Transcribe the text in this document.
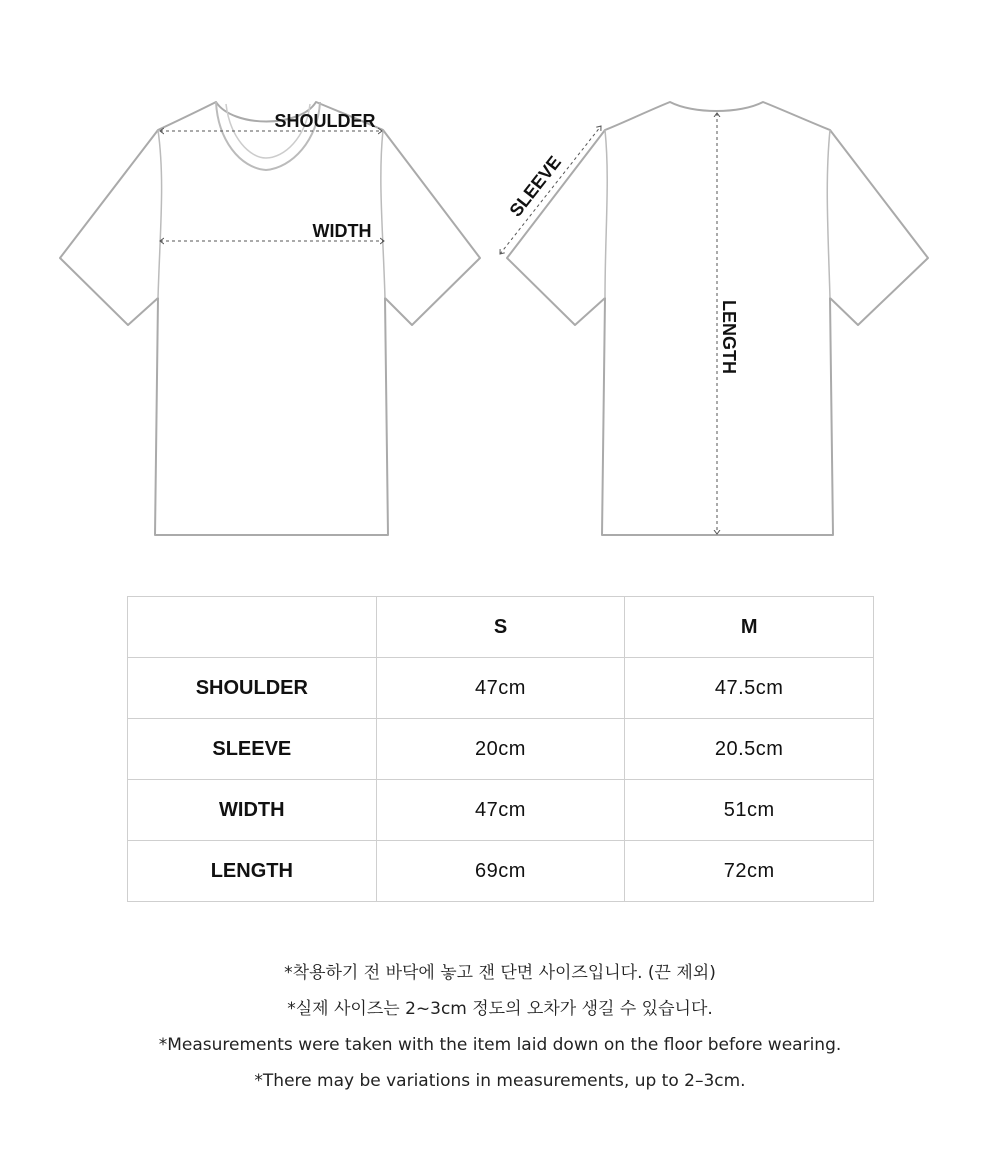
SHOULDER
WIDTH
SLEEVE
LENGTH
	S	M
SHOULDER	47cm	47.5cm
SLEEVE	20cm	20.5cm
WIDTH	47cm	51cm
LENGTH	69cm	72cm

*착용하기 전 바닥에 놓고 잰 단면 사이즈입니다. (끈 제외)

*실제 사이즈는 2~3cm 정도의 오차가 생길 수 있습니다.

*Measurements were taken with the item laid down on the floor before wearing.

*There may be variations in measurements, up to 2–3cm.
